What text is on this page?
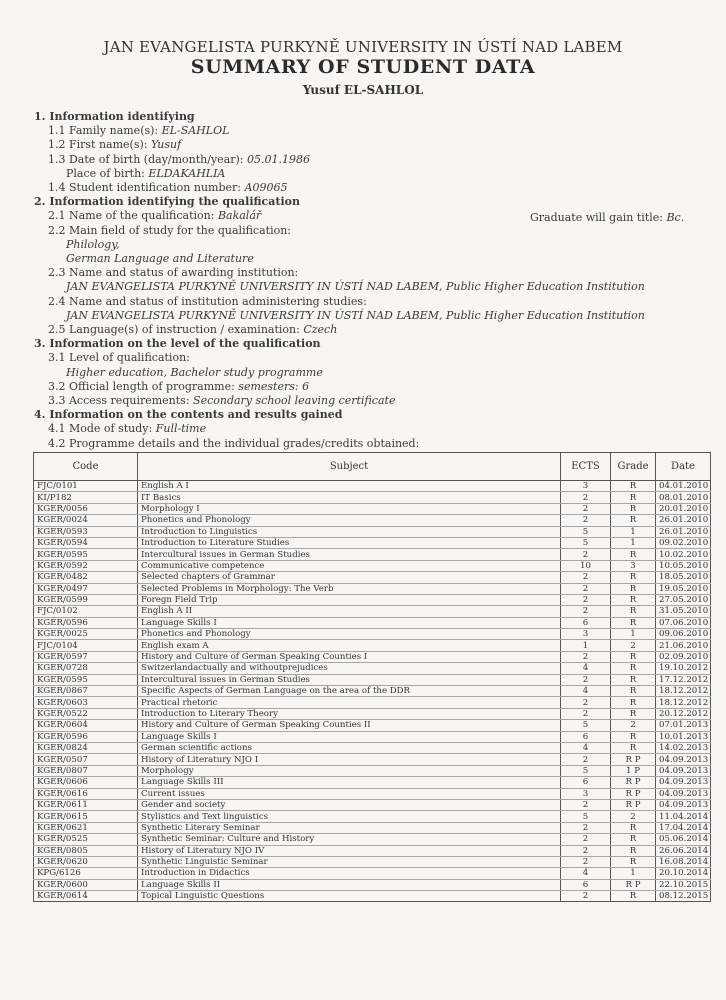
JAN EVANGELISTA PURKYNĚ UNIVERSITY IN ÚSTÍ NAD LABEM
SUMMARY OF STUDENT DATA
Yusuf EL-SAHLOL
1. Information identifying
1.1 Family name(s): EL-SAHLOL
1.2 First name(s): Yusuf
1.3 Date of birth (day/month/year): 05.01.1986
Place of birth: ELDAKAHLIA
1.4 Student identification number: A09065
2. Information identifying the qualification
2.1 Name of the qualification: Bakalář
2.2 Main field of study for the qualification:
Philology,
German Language and Literature
2.3 Name and status of awarding institution:
JAN EVANGELISTA PURKYNĚ UNIVERSITY IN ÚSTÍ NAD LABEM, Public Higher Education Institution
2.4 Name and status of institution administering studies:
JAN EVANGELISTA PURKYNĚ UNIVERSITY IN ÚSTÍ NAD LABEM, Public Higher Education Institution
2.5 Language(s) of instruction / examination: Czech
3. Information on the level of the qualification
3.1 Level of qualification:
Higher education, Bachelor study programme
3.2 Official length of programme: semesters: 6
3.3 Access requirements: Secondary school leaving certificate
4. Information on the contents and results gained
4.1 Mode of study: Full-time
4.2 Programme details and the individual grades/credits obtained:
Graduate will gain title: Bc.
Code	Subject	ECTS	Grade	Date
FJC/0101	English A I	3	R	04.01.2010
KI/P182	IT Basics	2	R	08.01.2010
KGER/0056	Morphology I	2	R	20.01.2010
KGER/0024	Phonetics and Phonology	2	R	26.01.2010
KGER/0593	Introduction to Linguistics	5	1	26.01.2010
KGER/0594	Introduction to Literature Studies	5	1	09.02.2010
KGER/0595	Intercultural issues in German Studies	2	R	10.02.2010
KGER/0592	Communicative competence	10	3	10.05.2010
KGER/0482	Selected chapters of Grammar	2	R	18.05.2010
KGER/0497	Selected Problems in Morphology: The Verb	2	R	19.05.2010
KGER/0599	Foregn Field Trip	2	R	27.05.2010
FJC/0102	English A II	2	R	31.05.2010
KGER/0596	Language Skills I	6	R	07.06.2010
KGER/0025	Phonetics and Phonology	3	1	09.06.2010
FJC/0104	English exam A	1	2	21.06.2010
KGER/0597	History and Culture of German Speaking Counties I	2	R	02.09.2010
KGER/0728	Switzerlandactually and withoutprejudices	4	R	19.10.2012
KGER/0595	Intercultural issues in German Studies	2	R	17.12.2012
KGER/0867	Specific Aspects of German Language on the area of the DDR	4	R	18.12.2012
KGER/0603	Practical rhetoric	2	R	18.12.2012
KGER/0522	Introduction to Literary Theory	2	R	20.12.2012
KGER/0604	History and Culture of German Speaking Counties II	5	2	07.01.2013
KGER/0596	Language Skills I	6	R	10.01.2013
KGER/0824	German scientific actions	4	R	14.02.2013
KGER/0507	History of Literatury NJO I	2	R P	04.09.2013
KGER/0807	Morphology	5	1 P	04.09.2013
KGER/0606	Language Skills III	6	R P	04.09.2013
KGER/0616	Current issues	3	R P	04.09.2013
KGER/0611	Gender and society	2	R P	04.09.2013
KGER/0615	Stylistics and Text linguistics	5	2	11.04.2014
KGER/0621	Synthetic Literary Seminar	2	R	17.04.2014
KGER/0525	Synthetic Seminar: Culture and History	2	R	05.06.2014
KGER/0805	History of Literatury NJO IV	2	R	26.06.2014
KGER/0620	Synthetic Linguistic Seminar	2	R	16.08.2014
KPG/6126	Introduction in Didactics	4	1	20.10.2014
KGER/0600	Language Skills II	6	R P	22.10.2015
KGER/0614	Topical Linguistic Questions	2	R	08.12.2015
